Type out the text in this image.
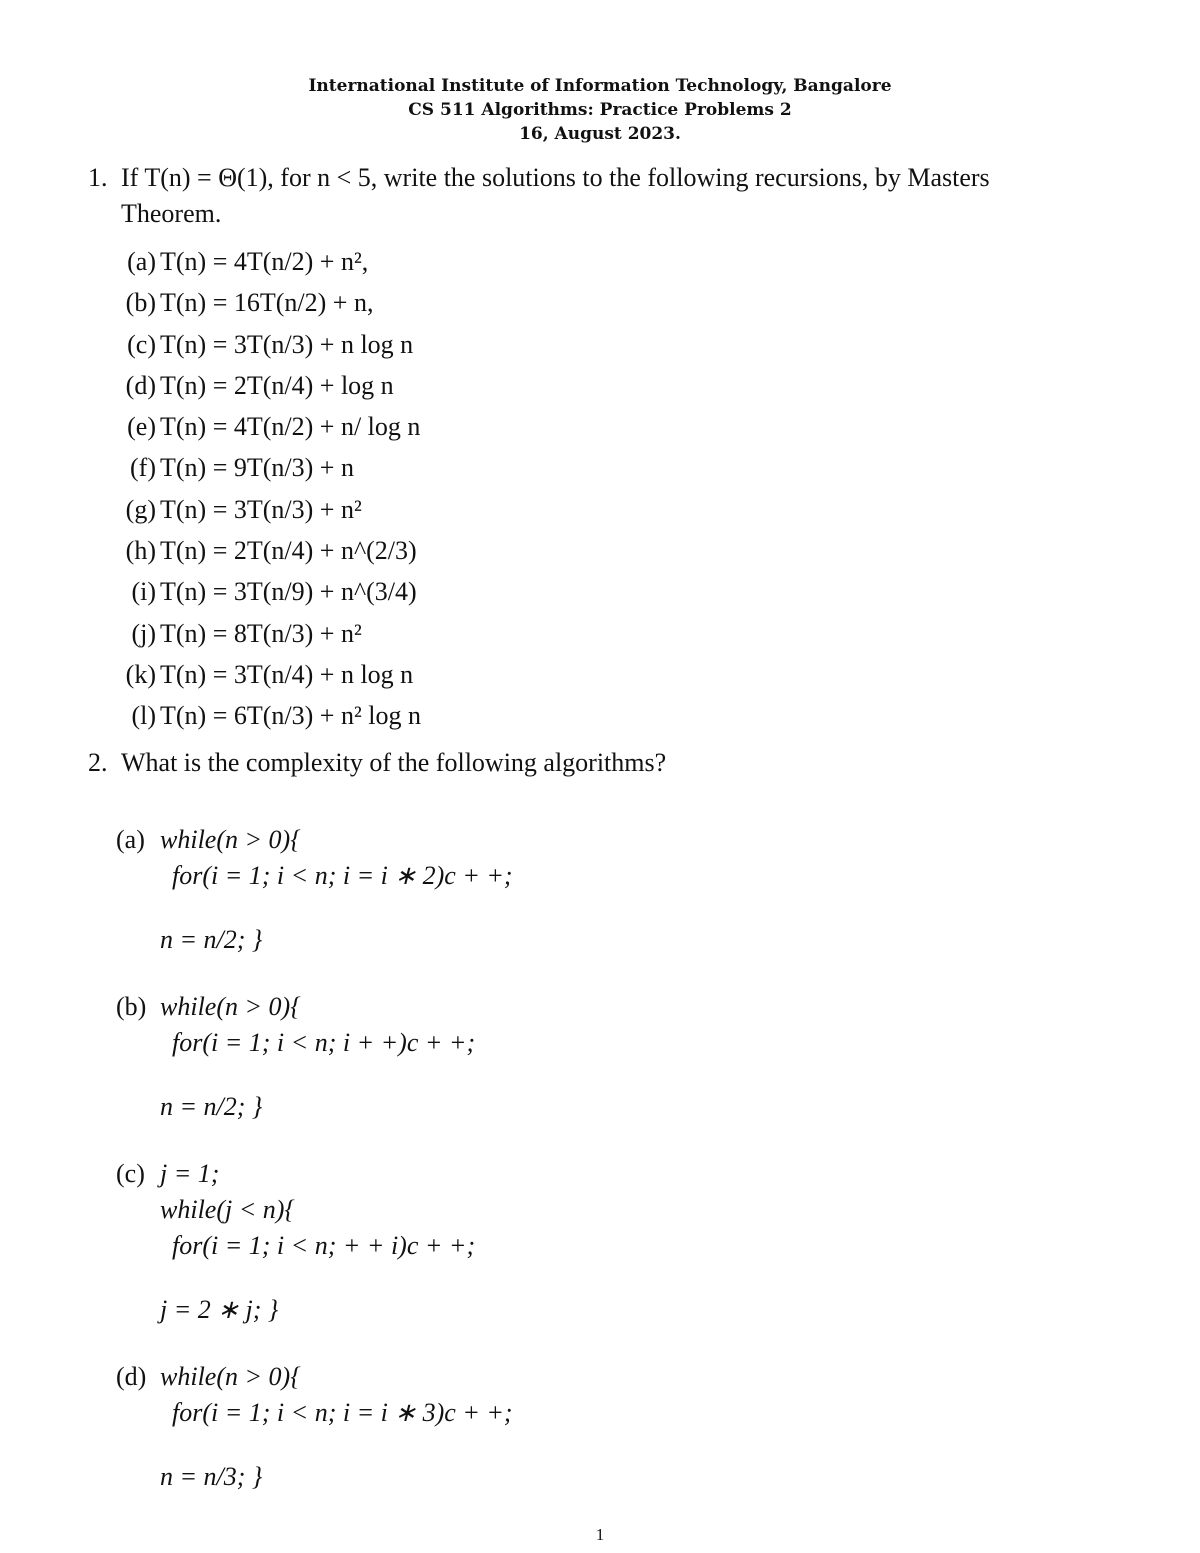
International Institute of Information Technology, Bangalore
CS 511 Algorithms: Practice Problems 2
16, August 2023.
1. If T(n) = Θ(1), for n < 5, write the solutions to the following recursions, by Masters
Theorem.
(a) T(n) = 4T(n/2) + n²,
(b) T(n) = 16T(n/2) + n,
(c) T(n) = 3T(n/3) + n log n
(d) T(n) = 2T(n/4) + log n
(e) T(n) = 4T(n/2) + n/ log n
(f) T(n) = 9T(n/3) + n
(g) T(n) = 3T(n/3) + n²
(h) T(n) = 2T(n/4) + n^(2/3)
(i) T(n) = 3T(n/9) + n^(3/4)
(j) T(n) = 8T(n/3) + n²
(k) T(n) = 3T(n/4) + n log n
(l) T(n) = 6T(n/3) + n² log n
2. What is the complexity of the following algorithms?
(a) while(n > 0){
for(i = 1; i < n; i = i ∗ 2)c + +;
n = n/2; }
(b) while(n > 0){
for(i = 1; i < n; i + +)c + +;
n = n/2; }
(c) j = 1;
while(j < n){
for(i = 1; i < n; + + i)c + +;
j = 2 ∗ j; }
(d) while(n > 0){
for(i = 1; i < n; i = i ∗ 3)c + +;
n = n/3; }
1
